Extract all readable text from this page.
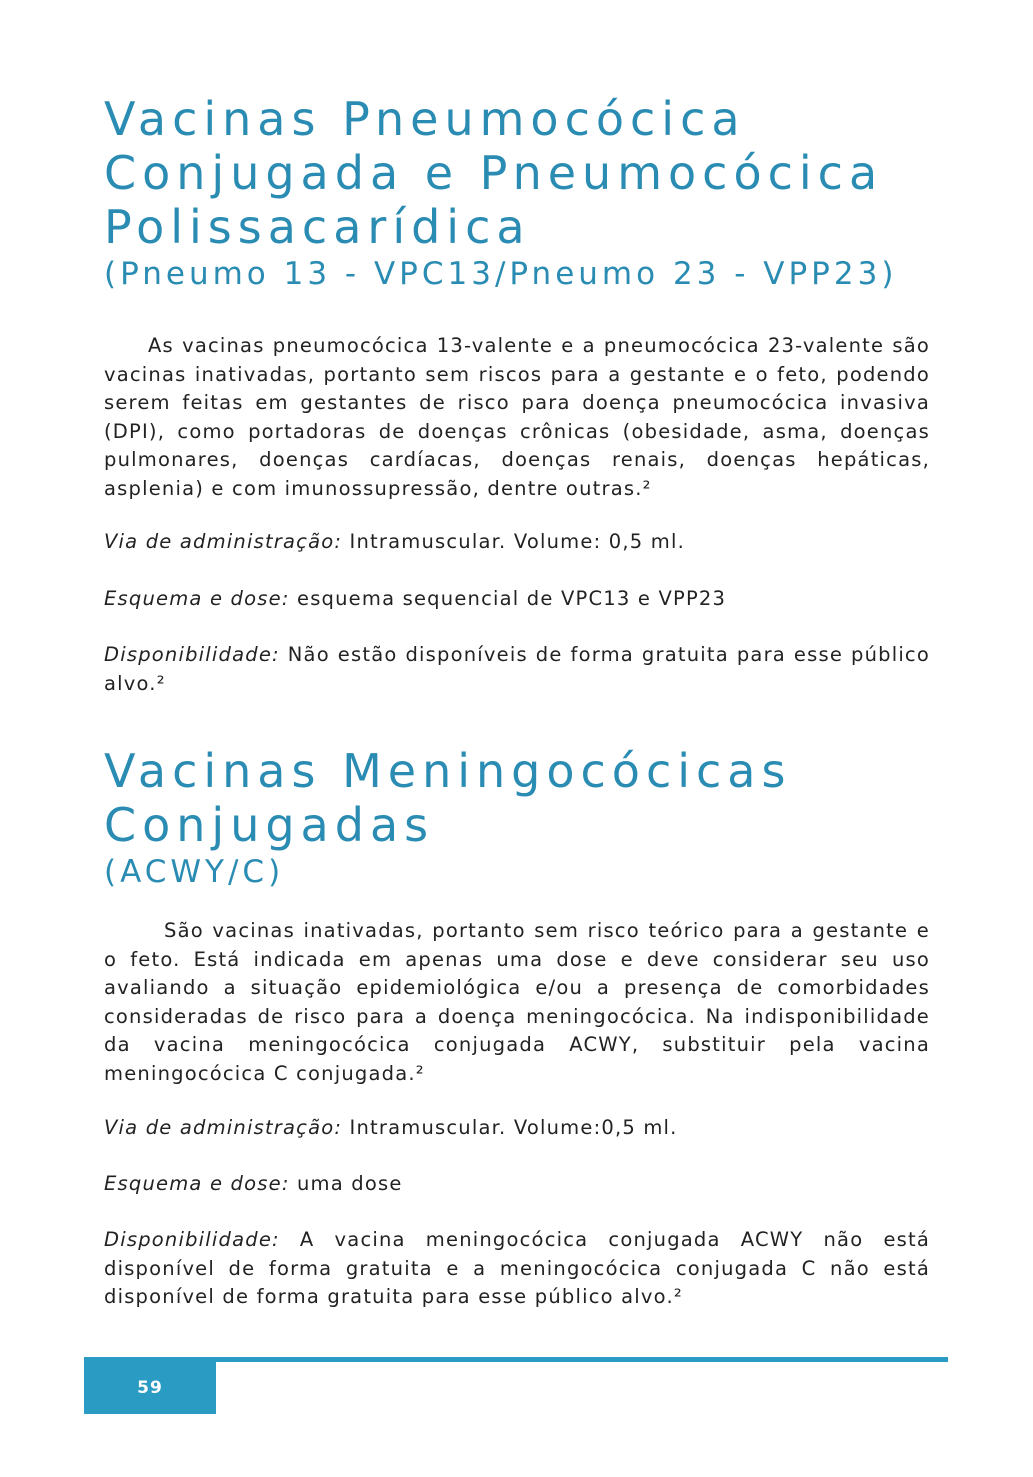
Vacinas Pneumocócica
Conjugada e Pneumocócica
Polissacarídica
(Pneumo 13 - VPC13/Pneumo 23 - VPP23)

As vacinas pneumocócica 13-valente e a pneumocócica 23-valente são vacinas inativadas, portanto sem riscos para a gestante e o feto, podendo serem feitas em gestantes de risco para doença pneumocócica invasiva (DPI), como portadoras de doenças crônicas (obesidade, asma, doenças pulmonares, doenças cardíacas, doenças renais, doenças hepáticas, asplenia) e com imunossupressão, dentre outras.²

Via de administração: Intramuscular. Volume: 0,5 ml.

Esquema e dose: esquema sequencial de VPC13 e VPP23

Disponibilidade: Não estão disponíveis de forma gratuita para esse público alvo.²

Vacinas Meningocócicas
Conjugadas
(ACWY/C)

São vacinas inativadas, portanto sem risco teórico para a gestante e o feto. Está indicada em apenas uma dose e deve considerar seu uso avaliando a situação epidemiológica e/ou a presença de comorbidades consideradas de risco para a doença meningocócica. Na indisponibilidade da vacina meningocócica conjugada ACWY, substituir pela vacina meningocócica C conjugada.²

Via de administração: Intramuscular. Volume:0,5 ml.

Esquema e dose: uma dose

Disponibilidade: A vacina meningocócica conjugada ACWY não está disponível de forma gratuita e a meningocócica conjugada C não está disponível de forma gratuita para esse público alvo.²

59
